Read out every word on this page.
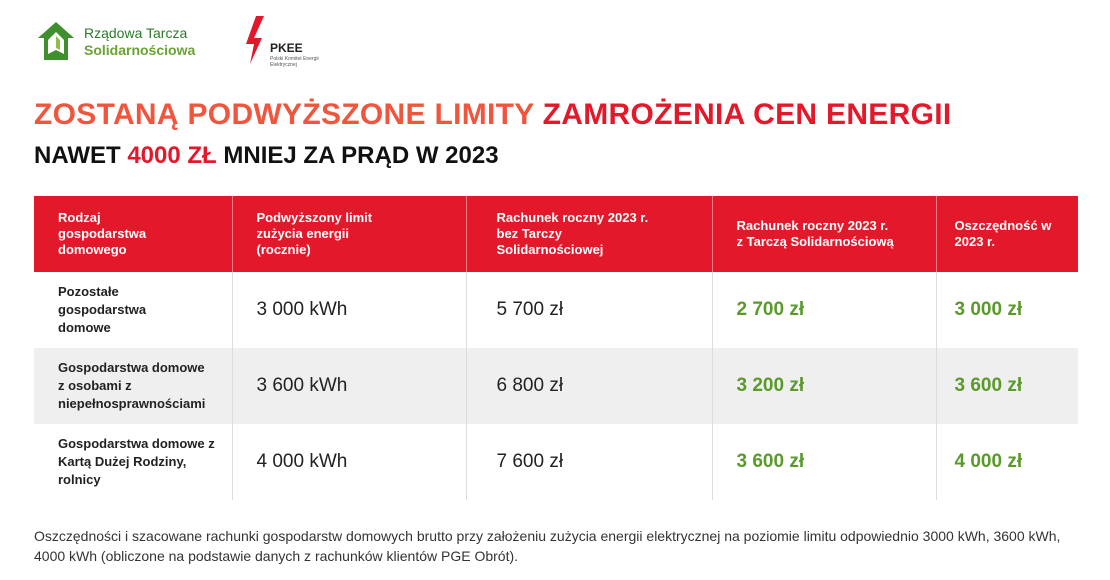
Rządowa Tarcza
Solidarnościowa	PKEE
Polski Komitet Energii Elektrycznej
ZOSTANĄ PODWYŻSZONE LIMITY ZAMROŻENIA CEN ENERGII
NAWET 4000 ZŁ MNIEJ ZA PRĄD W 2023
Rodzaj gospodarstwa domowego	Podwyższony limit zużycia energii (rocznie)	Rachunek roczny 2023 r. bez Tarczy Solidarnościowej	Rachunek roczny 2023 r. z Tarczą Solidarnościową	Oszczędność w 2023 r.
Pozostałe gospodarstwa domowe	3 000 kWh	5 700 zł	2 700 zł	3 000 zł
Gospodarstwa domowe z osobami z niepełnosprawnościami	3 600 kWh	6 800 zł	3 200 zł	3 600 zł
Gospodarstwa domowe z Kartą Dużej Rodziny, rolnicy	4 000 kWh	7 600 zł	3 600 zł	4 000 zł
Oszczędności i szacowane rachunki gospodarstw domowych brutto przy założeniu zużycia energii elektrycznej na poziomie limitu odpowiednio 3000 kWh, 3600 kWh, 4000 kWh (obliczone na podstawie danych z rachunków klientów PGE Obrót).
